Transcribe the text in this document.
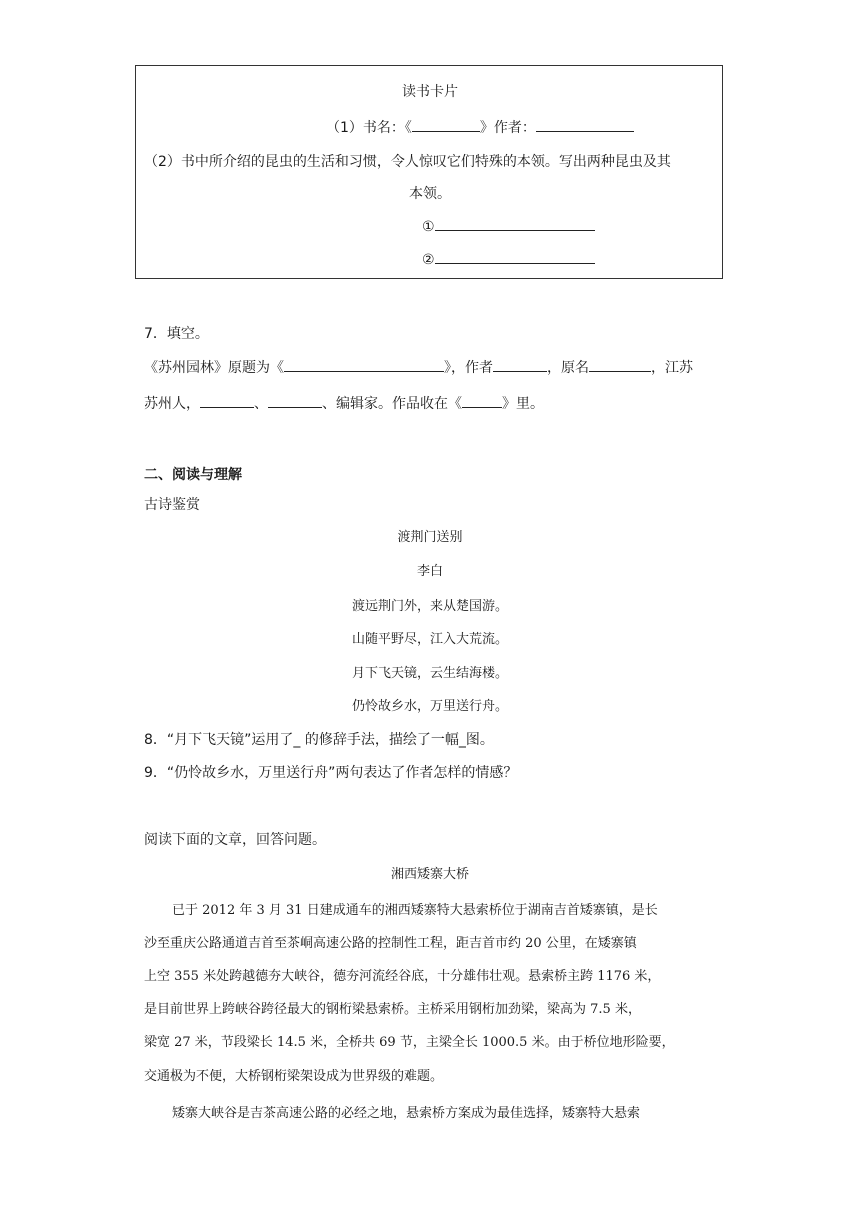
读书卡片
（1）书名：《	》作者：
（2）书中所介绍的昆虫的生活和习惯，令人惊叹它们特殊的本领。写出两种昆虫及其
本领。
①
②
7．填空。
《苏州园林》原题为《	》，作者	，原名	，江苏
苏州人，	、	、编辑家。作品收在《	》里。
二、阅读与理解
古诗鉴赏
渡荆门送别
李白
渡远荆门外，来从楚国游。
山随平野尽，江入大荒流。
月下飞天镜，云生结海楼。
仍怜故乡水，万里送行舟。
8．“月下飞天镜”运用了_ 的修辞手法，描绘了一幅_图。
9．“仍怜故乡水，万里送行舟”两句表达了作者怎样的情感？
阅读下面的文章，回答问题。
湘西矮寨大桥
已于 2012 年 3 月 31 日建成通车的湘西矮寨特大悬索桥位于湖南吉首矮寨镇，是长
沙至重庆公路通道吉首至茶峒高速公路的控制性工程，距吉首市约 20 公里，在矮寨镇
上空 355 米处跨越德夯大峡谷，德夯河流经谷底，十分雄伟壮观。悬索桥主跨 1176 米，
是目前世界上跨峡谷跨径最大的钢桁梁悬索桥。主桥采用钢桁加劲梁，梁高为 7.5 米，
梁宽 27 米，节段梁长 14.5 米，全桥共 69 节，主梁全长 1000.5 米。由于桥位地形险要，
交通极为不便，大桥钢桁梁架设成为世界级的难题。
矮寨大峡谷是吉茶高速公路的必经之地，悬索桥方案成为最佳选择，矮寨特大悬索
